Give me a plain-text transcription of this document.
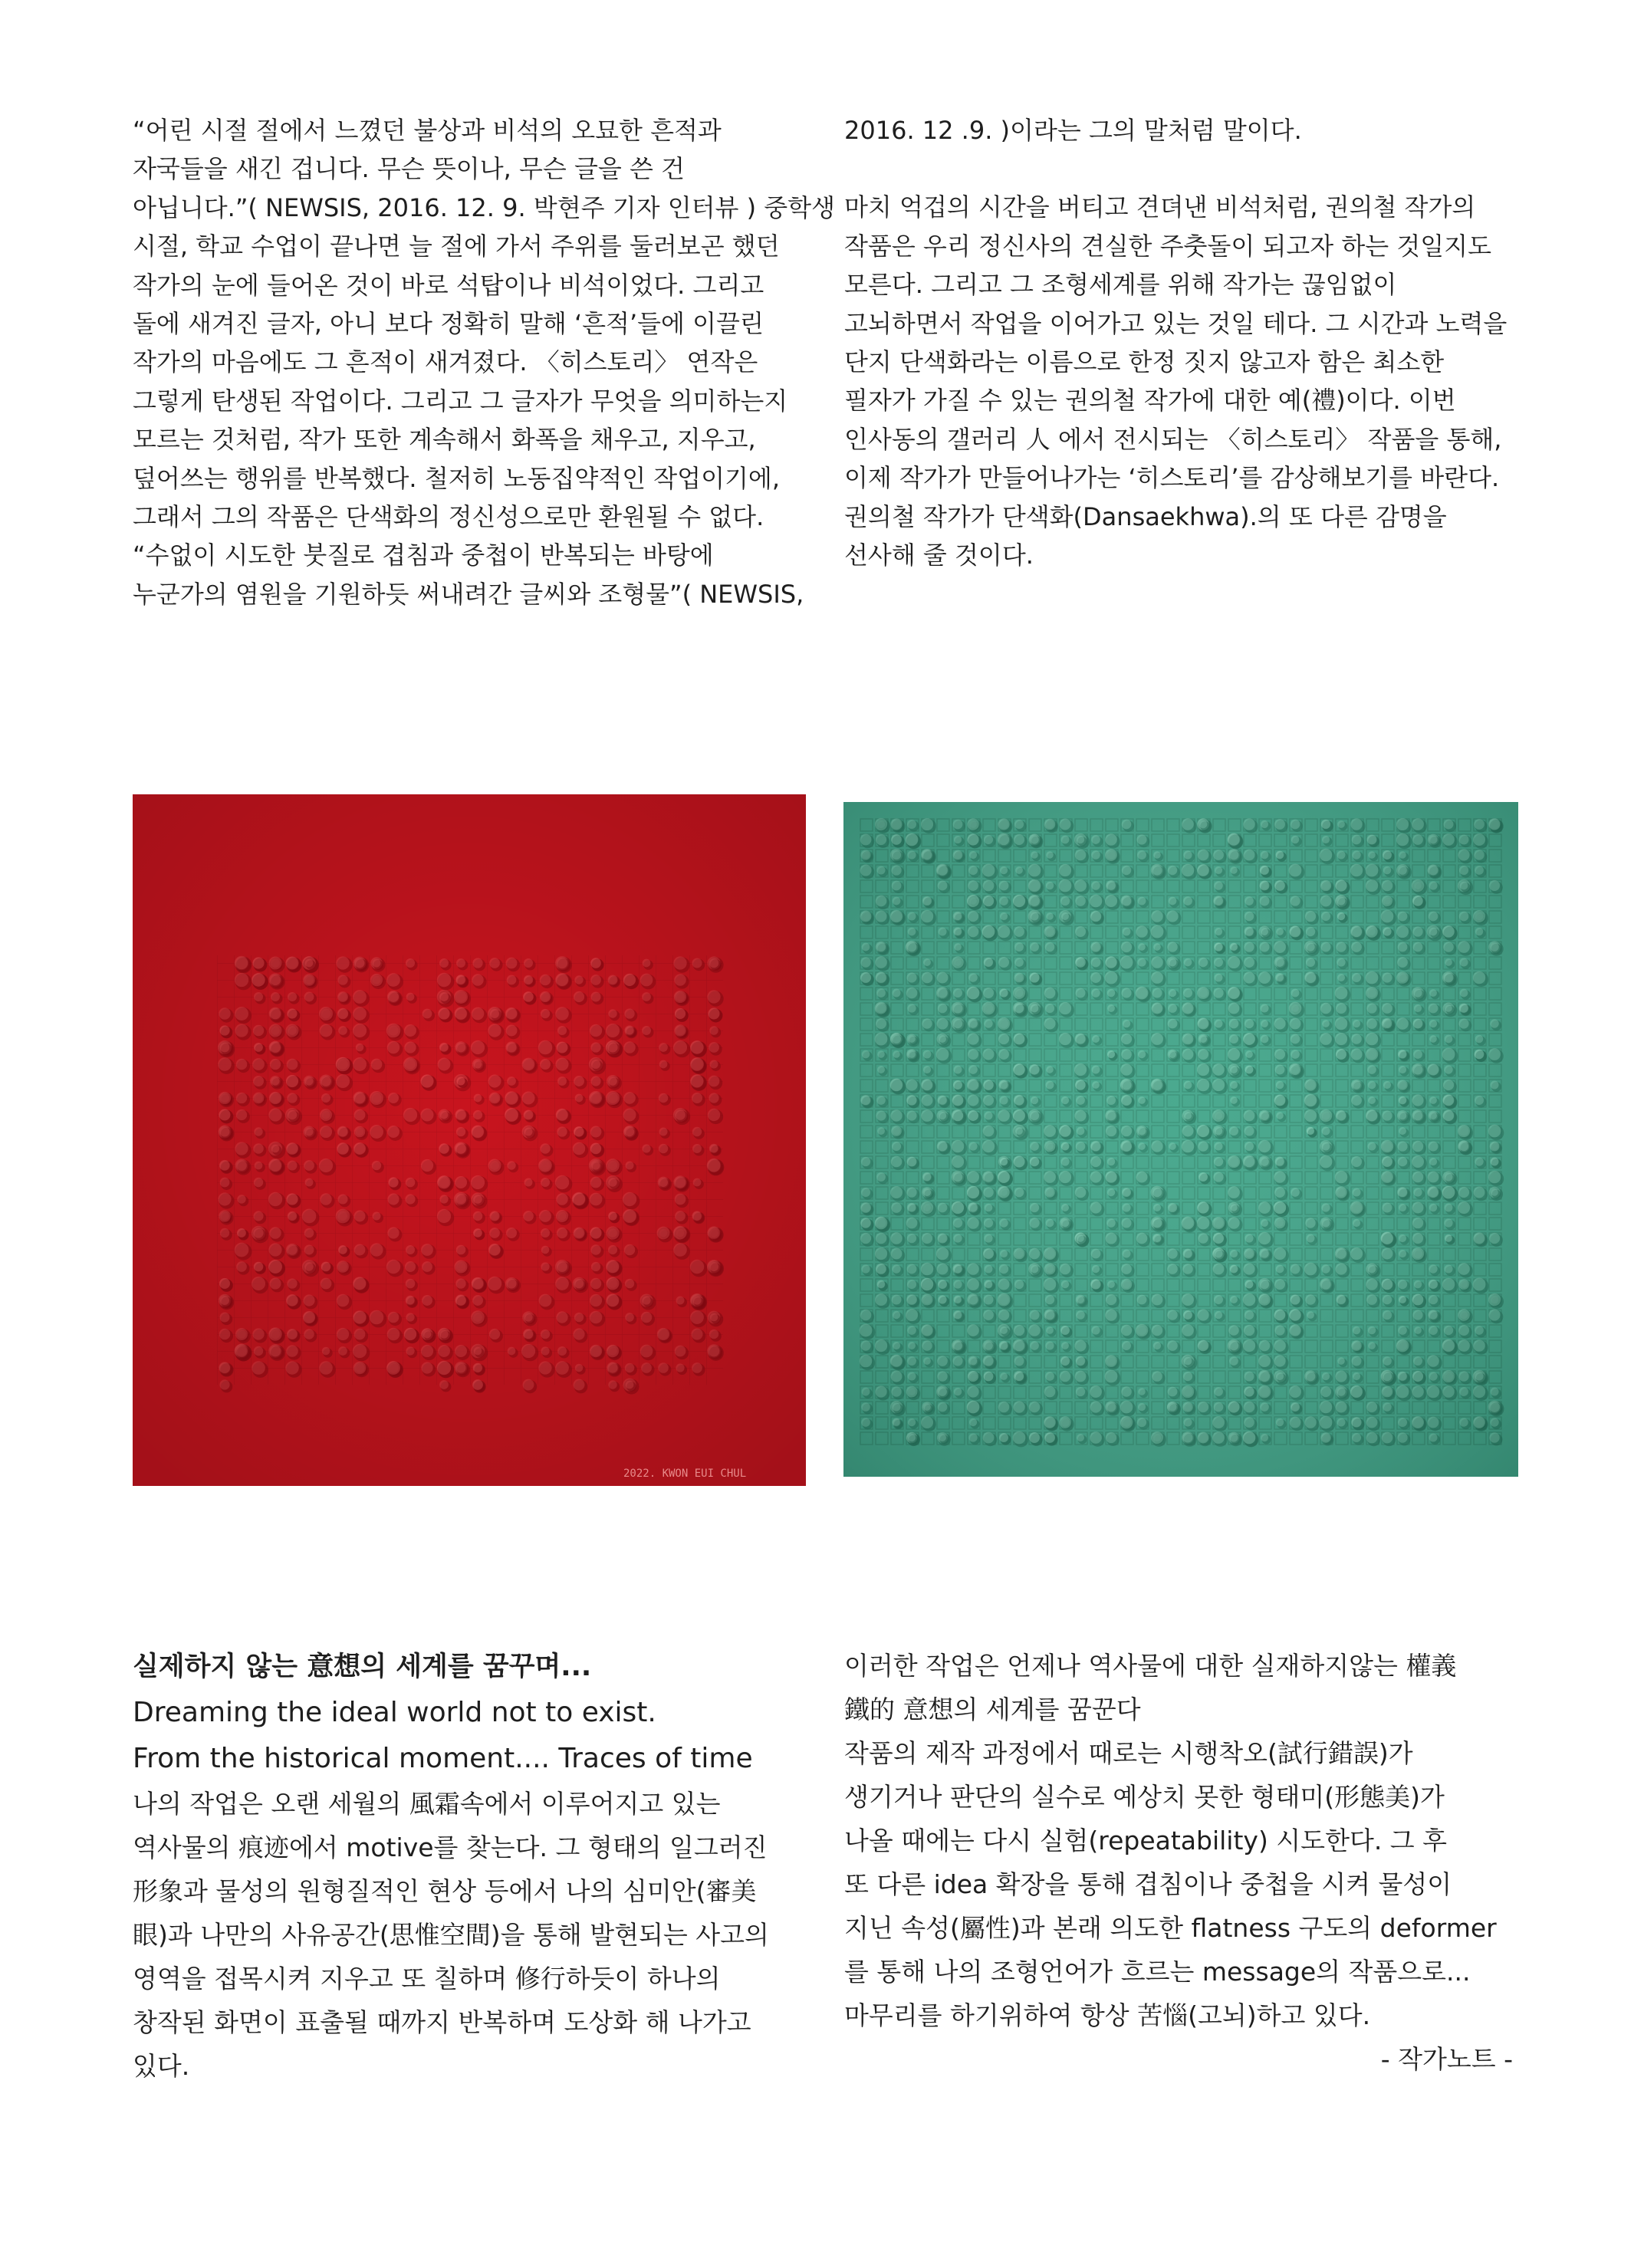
“어린 시절 절에서 느꼈던 불상과 비석의 오묘한 흔적과
자국들을 새긴 겁니다. 무슨 뜻이나, 무슨 글을 쓴 건
아닙니다.”( NEWSIS, 2016. 12. 9. 박현주 기자 인터뷰 ) 중학생
시절, 학교 수업이 끝나면 늘 절에 가서 주위를 둘러보곤 했던
작가의 눈에 들어온 것이 바로 석탑이나 비석이었다. 그리고
돌에 새겨진 글자, 아니 보다 정확히 말해 ‘흔적’들에 이끌린
작가의 마음에도 그 흔적이 새겨졌다. 〈히스토리〉 연작은
그렇게 탄생된 작업이다. 그리고 그 글자가 무엇을 의미하는지
모르는 것처럼, 작가 또한 계속해서 화폭을 채우고, 지우고,
덮어쓰는 행위를 반복했다. 철저히 노동집약적인 작업이기에,
그래서 그의 작품은 단색화의 정신성으로만 환원될 수 없다.
“수없이 시도한 붓질로 겹침과 중첩이 반복되는 바탕에
누군가의 염원을 기원하듯 써내려간 글씨와 조형물”( NEWSIS,

2016. 12 .9. )이라는 그의 말처럼 말이다.

마치 억겁의 시간을 버티고 견뎌낸 비석처럼, 권의철 작가의
작품은 우리 정신사의 견실한 주춧돌이 되고자 하는 것일지도
모른다. 그리고 그 조형세계를 위해 작가는 끊임없이
고뇌하면서 작업을 이어가고 있는 것일 테다. 그 시간과 노력을
단지 단색화라는 이름으로 한정 짓지 않고자 함은 최소한
필자가 가질 수 있는 권의철 작가에 대한 예(禮)이다. 이번
인사동의 갤러리 人 에서 전시되는 〈히스토리〉 작품을 통해,
이제 작가가 만들어나가는 ‘히스토리’를 감상해보기를 바란다.
권의철 작가가 단색화(Dansaekhwa).의 또 다른 감명을
선사해 줄 것이다.

2022. KWON EUI CHUL

실제하지 않는 意想의 세계를 꿈꾸며...

Dreaming the ideal world not to exist.

From the historical moment.... Traces of time

나의 작업은 오랜 세월의 風霜속에서 이루어지고 있는
역사물의 痕迹에서 motive를 찾는다. 그 형태의 일그러진
形象과 물성의 원형질적인 현상 등에서 나의 심미안(審美
眼)과 나만의 사유공간(思惟空間)을 통해 발현되는 사고의
영역을 접목시켜 지우고 또 칠하며 修行하듯이 하나의
창작된 화면이 표출될 때까지 반복하며 도상화 해 나가고
있다.

이러한 작업은 언제나 역사물에 대한 실재하지않는 權義
鐵的 意想의 세계를 꿈꾼다
작품의 제작 과정에서 때로는 시행착오(試行錯誤)가
생기거나 판단의 실수로 예상치 못한 형태미(形態美)가
나올 때에는 다시 실험(repeatability) 시도한다. 그 후
또 다른 idea 확장을 통해 겹침이나 중첩을 시켜 물성이
지닌 속성(屬性)과 본래 의도한 flatness 구도의 deformer
를 통해 나의 조형언어가 흐르는 message의 작품으로...
마무리를 하기위하여 항상 苦惱(고뇌)하고 있다.

- 작가노트 -
